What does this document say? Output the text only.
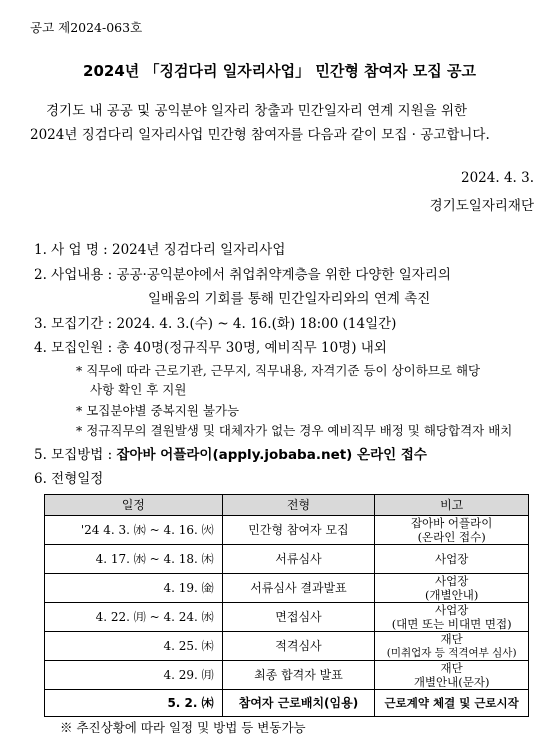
공고 제2024-063호
2024년 「징검다리 일자리사업」 민간형 참여자 모집 공고
경기도 내 공공 및 공익분야 일자리 창출과 민간일자리 연계 지원을 위한
2024년 징검다리 일자리사업 민간형 참여자를 다음과 같이 모집 · 공고합니다.
2024. 4. 3.
경기도일자리재단
1. 사 업 명 : 2024년 징검다리 일자리사업
2. 사업내용 : 공공·공익분야에서 취업취약계층을 위한 다양한 일자리의
일배움의 기회를 통해 민간일자리와의 연계 촉진
3. 모집기간 : 2024. 4. 3.(수) ~ 4. 16.(화) 18:00 (14일간)
4. 모집인원 : 총 40명(정규직무 30명, 예비직무 10명) 내외
* 직무에 따라 근로기관, 근무지, 직무내용, 자격기준 등이 상이하므로 해당
사항 확인 후 지원
* 모집분야별 중복지원 불가능
* 정규직무의 결원발생 및 대체자가 없는 경우 예비직무 배정 및 해당합격자 배치
5. 모집방법 : 잡아바 어플라이(apply.jobaba.net) 온라인 접수
6. 전형일정
일정	전형	비고
'24 4. 3. ㈬ ~ 4. 16. ㈫	민간형 참여자 모집	잡아바 어플라이
(온라인 접수)

4. 17. ㈬ ~ 4. 18. ㈭	서류심사	사업장

4. 19. ㈮	서류심사 결과발표	사업장
(개별안내)

4. 22. ㈪ ~ 4. 24. ㈬	면접심사	사업장
(대면 또는 비대면 면접)

4. 25. ㈭	적격심사	재단
(미취업자 등 적격여부 심사)

4. 29. ㈪	최종 합격자 발표	재단
개별안내(문자)

5. 2. ㈭	참여자 근로배치(임용)	근로계약 체결 및 근로시작
※ 추진상황에 따라 일정 및 방법 등 변동가능
